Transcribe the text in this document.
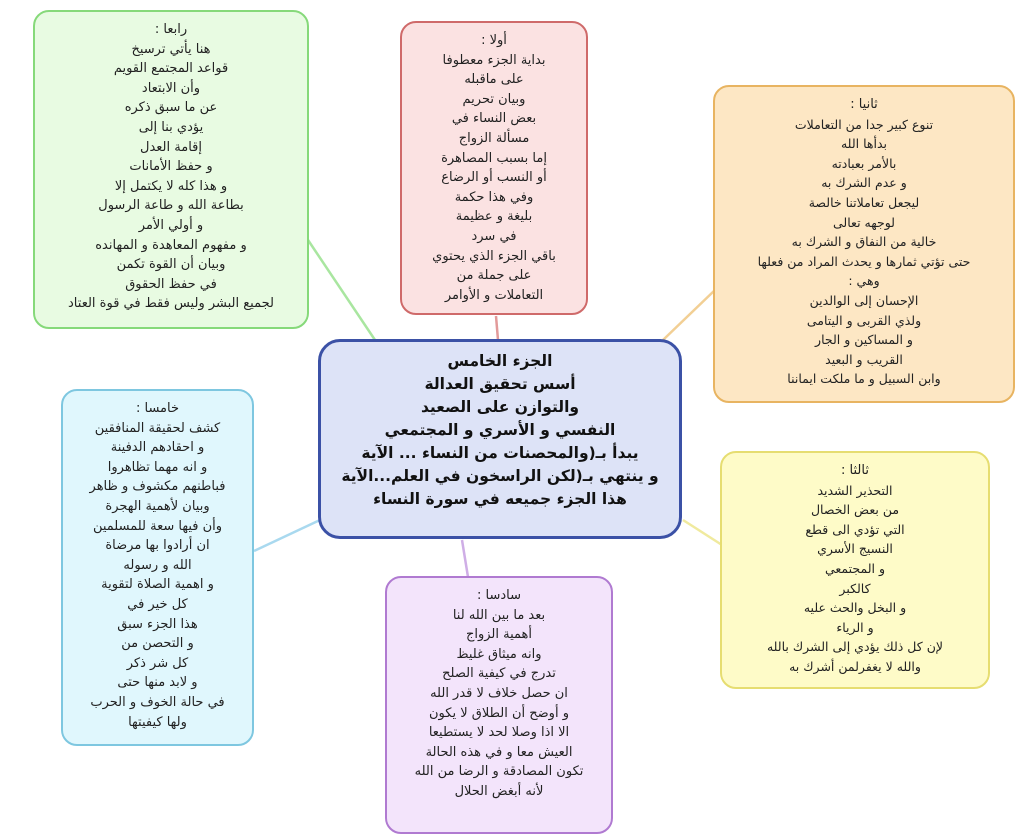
الجزء الخامس
أسس تحقيق العدالة
والتوازن على الصعيد
النفسي و الأسري و المجتمعي
يبدأ بـ(والمحصنات من النساء ... الآية
و ينتهي بـ(لكن الراسخون في العلم...الآية
هذا الجزء جميعه في سورة النساء
أولا :
بداية الجزء معطوفا
على ماقبله
وبيان تحريم
بعض النساء في
مسألة الزواج
إما بسبب المصاهرة
أو النسب أو الرضاع
وفي هذا حكمة
بليغة و عظيمة
في سرد
باقي الجزء الذي يحتوي
على جملة من
التعاملات و الأوامر
ثانيا :
تنوع كبير جدا من التعاملات
بدأها الله
بالأمر بعبادته
و عدم الشرك به
ليجعل تعاملاتنا خالصة
لوجهه تعالى
خالية من النفاق و الشرك به
حتى تؤتي ثمارها و يحدث المراد من فعلها
وهي :
الإحسان إلى الوالدين
ولذي القربى و اليتامى
و المساكين و الجار
القريب و البعيد
وابن السبيل و ما ملكت ايماننا
ثالثا :
التحذير الشديد
من بعض الخصال
التي تؤدي الى قطع
النسيج الأسري
و المجتمعي
كالكبر
و البخل والحث عليه
و الرياء
لإن كل ذلك يؤدي إلى الشرك بالله
والله لا يغفرلمن أشرك به
رابعا :
هنا يأتي ترسيخ
قواعد المجتمع القويم
وأن الابتعاد
عن ما سبق ذكره
يؤدي بنا إلى
إقامة العدل
و حفظ الأمانات
و هذا كله لا يكتمل إلا
بطاعة الله و طاعة الرسول
و أولي الأمر
و مفهوم المعاهدة و المهانده
وبيان أن القوة تكمن
في حفظ الحقوق
لجميع البشر وليس فقط في قوة العتاد
خامسا :
كشف لحقيقة المنافقين
و احقادهم الدفينة
و انه مهما تظاهروا
فباطنهم مكشوف و ظاهر
وبيان لأهمية الهجرة
وأن فيها سعة للمسلمين
ان أرادوا بها مرضاة
الله و رسوله
و اهمية الصلاة لتقوية
كل خير في
هذا الجزء سبق
و التحصن من
كل شر ذكر
و لابد منها حتى
في حالة الخوف و الحرب
ولها كيفيتها
سادسا :
بعد ما بين الله لنا
أهمية الزواج
وانه ميثاق غليظ
تدرج في كيفية الصلح
ان حصل خلاف لا قدر الله
و أوضح أن الطلاق لا يكون
الا اذا وصلا لحد لا يستطيعا
العيش معا و في هذه الحالة
تكون المصادقة و الرضا من الله
لأنه أبغض الحلال
